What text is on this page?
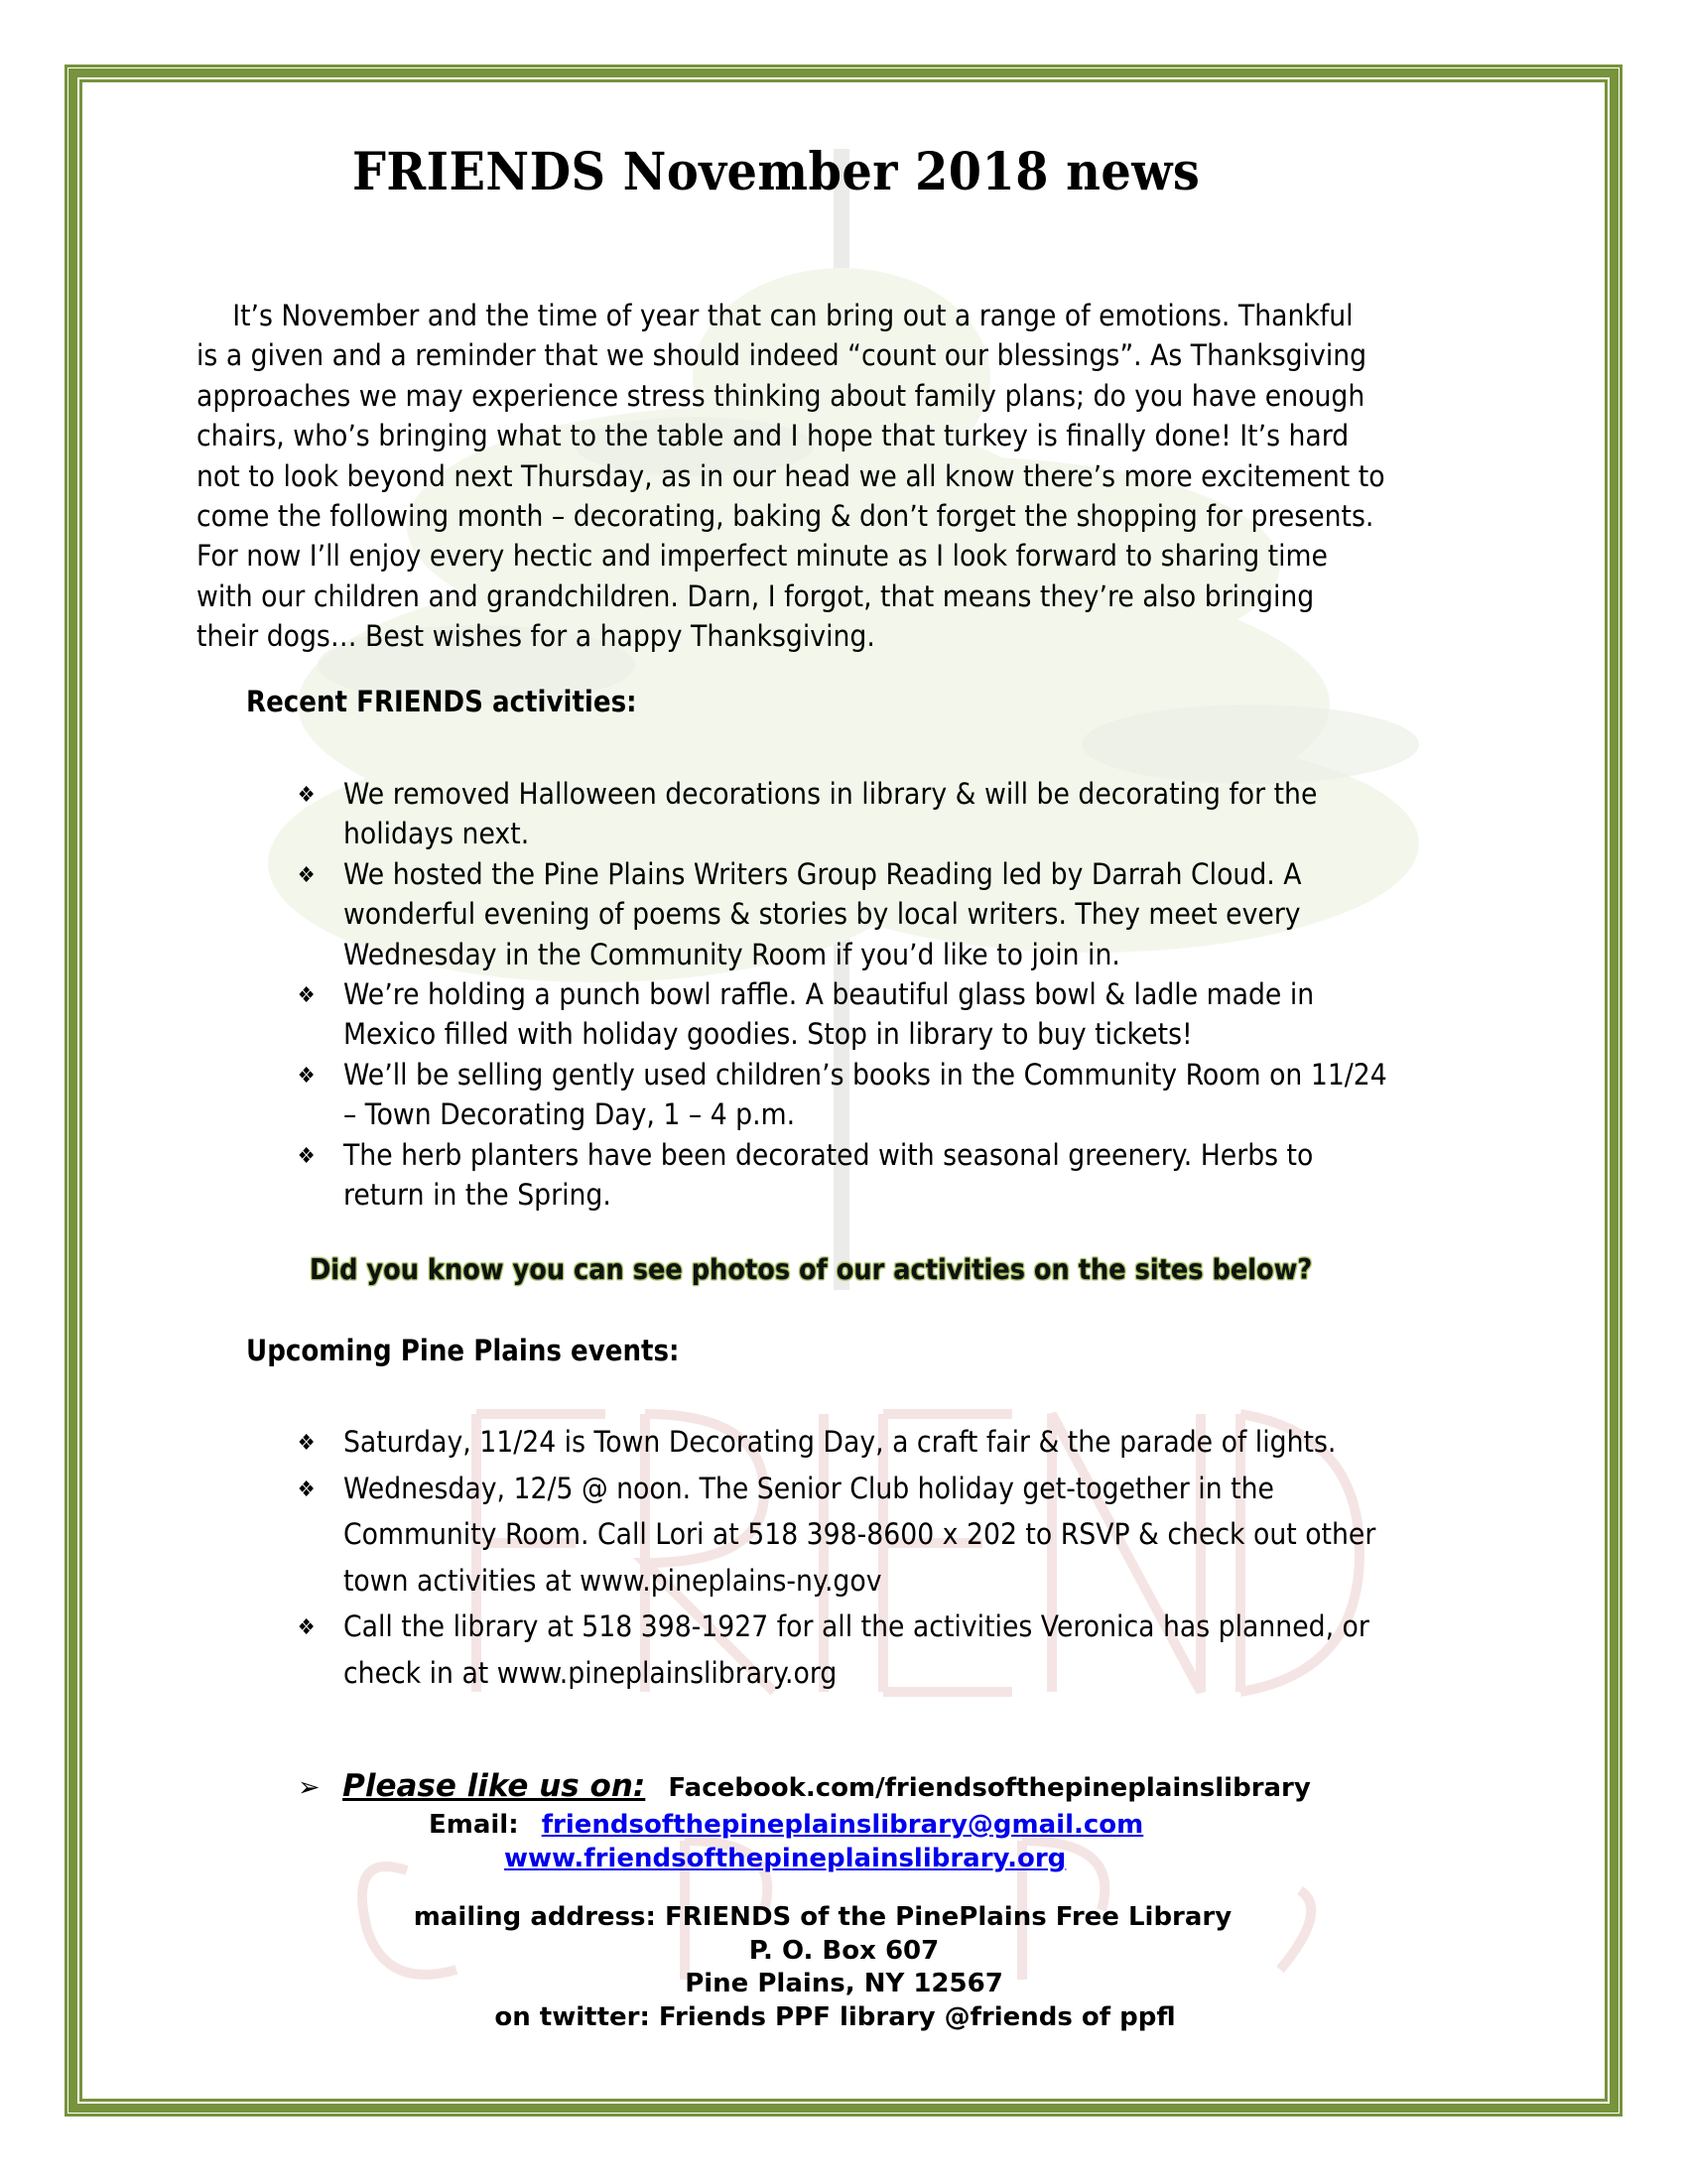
FRIENDS November 2018 news
It’s November and the time of year that can bring out a range of emotions. Thankful
is a given and a reminder that we should indeed “count our blessings”. As Thanksgiving
approaches we may experience stress thinking about family plans; do you have enough
chairs, who’s bringing what to the table and I hope that turkey is finally done! It’s hard
not to look beyond next Thursday, as in our head we all know there’s more excitement to
come the following month – decorating, baking & don’t forget the shopping for presents.
For now I’ll enjoy every hectic and imperfect minute as I look forward to sharing time
with our children and grandchildren. Darn, I forgot, that means they’re also bringing
their dogs… Best wishes for a happy Thanksgiving.
Recent FRIENDS activities:
❖ We removed Halloween decorations in library & will be decorating for the
holidays next.
❖ We hosted the Pine Plains Writers Group Reading led by Darrah Cloud. A
wonderful evening of poems & stories by local writers. They meet every
Wednesday in the Community Room if you’d like to join in.
❖ We’re holding a punch bowl raffle. A beautiful glass bowl & ladle made in
Mexico filled with holiday goodies. Stop in library to buy tickets!
❖ We’ll be selling gently used children’s books in the Community Room on 11/24
– Town Decorating Day, 1 – 4 p.m.
❖ The herb planters have been decorated with seasonal greenery. Herbs to
return in the Spring.
Did you know you can see photos of our activities on the sites below?
Upcoming Pine Plains events:
❖ Saturday, 11/24 is Town Decorating Day, a craft fair & the parade of lights.
❖ Wednesday, 12/5 @ noon. The Senior Club holiday get-together in the
Community Room. Call Lori at 518 398-8600 x 202 to RSVP & check out other
town activities at www.pineplains-ny.gov
❖ Call the library at 518 398-1927 for all the activities Veronica has planned, or
check in at www.pineplainslibrary.org
➢ Please like us on: Facebook.com/friendsofthepineplainslibrary
Email: friendsofthepineplainslibrary@gmail.com
www.friendsofthepineplainslibrary.org
mailing address: FRIENDS of the PinePlains Free Library
P. O. Box 607
Pine Plains, NY 12567
on twitter: Friends PPF library @friends of ppfl
